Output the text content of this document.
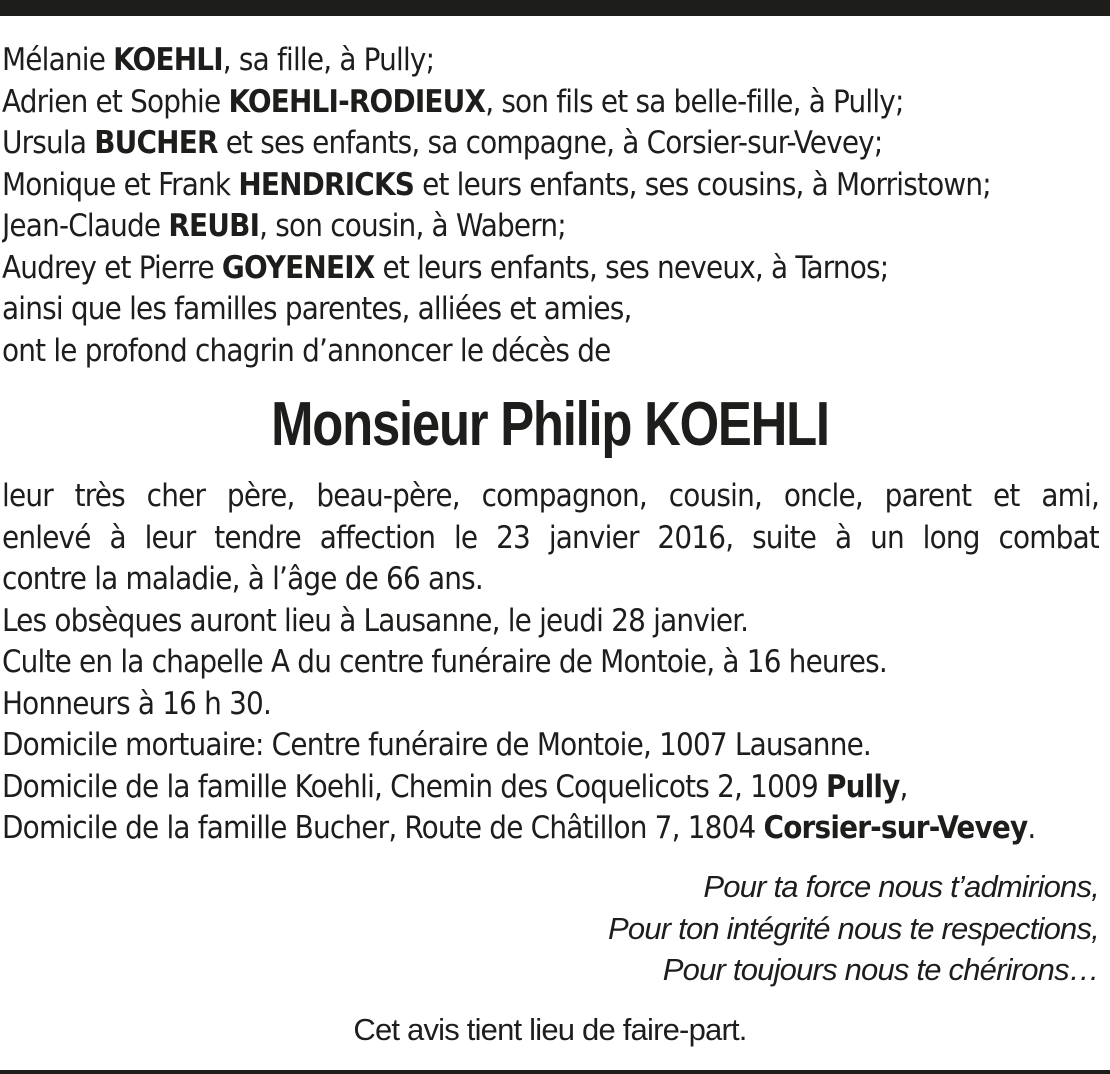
Mélanie KOEHLI, sa fille, à Pully;
Adrien et Sophie KOEHLI-RODIEUX, son fils et sa belle-fille, à Pully;
Ursula BUCHER et ses enfants, sa compagne, à Corsier-sur-Vevey;
Monique et Frank HENDRICKS et leurs enfants, ses cousins, à Morristown;
Jean-Claude REUBI, son cousin, à Wabern;
Audrey et Pierre GOYENEIX et leurs enfants, ses neveux, à Tarnos;
ainsi que les familles parentes, alliées et amies,
ont le profond chagrin d’annoncer le décès de
Monsieur Philip KOEHLI
leur très cher père, beau-père, compagnon, cousin, oncle, parent et ami,
enlevé à leur tendre affection le 23 janvier 2016, suite à un long combat
contre la maladie, à l’âge de 66 ans.
Les obsèques auront lieu à Lausanne, le jeudi 28 janvier.
Culte en la chapelle A du centre funéraire de Montoie, à 16 heures.
Honneurs à 16 h 30.
Domicile mortuaire: Centre funéraire de Montoie, 1007 Lausanne.
Domicile de la famille Koehli, Chemin des Coquelicots 2, 1009 Pully,
Domicile de la famille Bucher, Route de Châtillon 7, 1804 Corsier-sur-Vevey.
Pour ta force nous t’admirions,
Pour ton intégrité nous te respections,
Pour toujours nous te chérirons…
Cet avis tient lieu de faire-part.
